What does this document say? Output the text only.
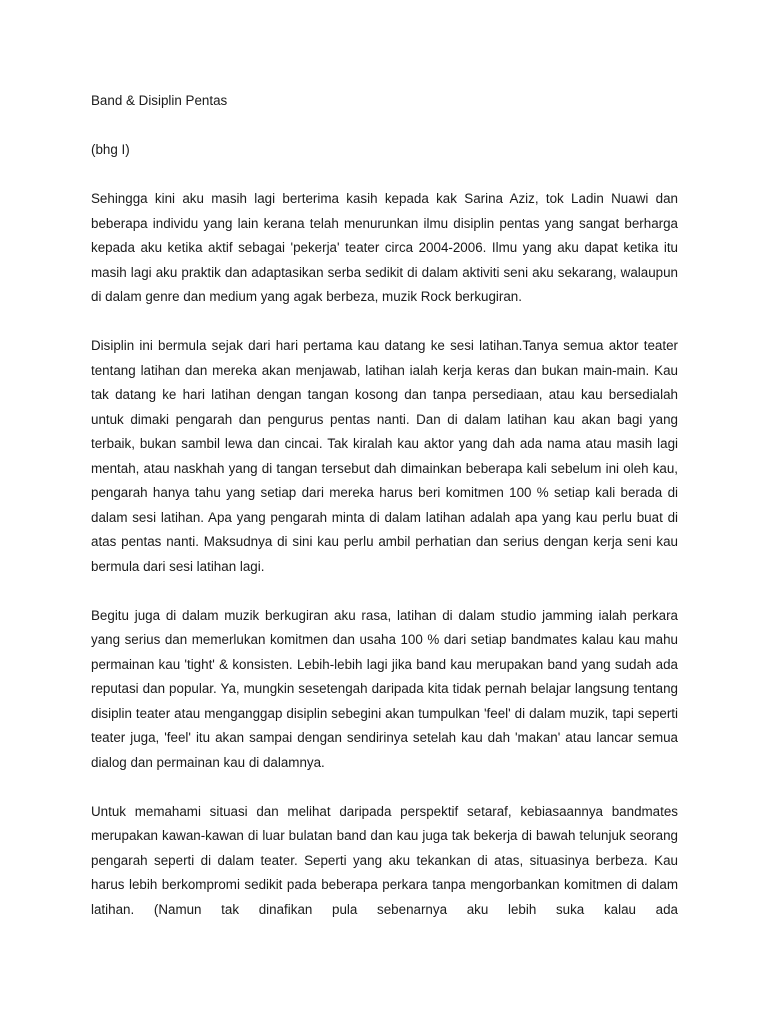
Band & Disiplin Pentas

(bhg I)

Sehingga kini aku masih lagi berterima kasih kepada kak Sarina Aziz, tok Ladin Nuawi dan beberapa individu yang lain kerana telah menurunkan ilmu disiplin pentas yang sangat berharga kepada aku ketika aktif sebagai 'pekerja' teater circa 2004-2006. Ilmu yang aku dapat ketika itu masih lagi aku praktik dan adaptasikan serba sedikit di dalam aktiviti seni aku sekarang, walaupun di dalam genre dan medium yang agak berbeza, muzik Rock berkugiran.

Disiplin ini bermula sejak dari hari pertama kau datang ke sesi latihan.Tanya semua aktor teater tentang latihan dan mereka akan menjawab, latihan ialah kerja keras dan bukan main-main. Kau tak datang ke hari latihan dengan tangan kosong dan tanpa persediaan, atau kau bersedialah untuk dimaki pengarah dan pengurus pentas nanti. Dan di dalam latihan kau akan bagi yang terbaik, bukan sambil lewa dan cincai. Tak kiralah kau aktor yang dah ada nama atau masih lagi mentah, atau naskhah yang di tangan tersebut dah dimainkan beberapa kali sebelum ini oleh kau, pengarah hanya tahu yang setiap dari mereka harus beri komitmen 100 % setiap kali berada di dalam sesi latihan. Apa yang pengarah minta di dalam latihan adalah apa yang kau perlu buat di atas pentas nanti. Maksudnya di sini kau perlu ambil perhatian dan serius dengan kerja seni kau bermula dari sesi latihan lagi.

Begitu juga di dalam muzik berkugiran aku rasa, latihan di dalam studio jamming ialah perkara yang serius dan memerlukan komitmen dan usaha 100 % dari setiap bandmates kalau kau mahu permainan kau 'tight' & konsisten. Lebih-lebih lagi jika band kau merupakan band yang sudah ada reputasi dan popular. Ya, mungkin sesetengah daripada kita tidak pernah belajar langsung tentang disiplin teater atau menganggap disiplin sebegini akan tumpulkan 'feel' di dalam muzik, tapi seperti teater juga, 'feel' itu akan sampai dengan sendirinya setelah kau dah 'makan' atau lancar semua dialog dan permainan kau di dalamnya.

Untuk memahami situasi dan melihat daripada perspektif setaraf, kebiasaannya bandmates merupakan kawan-kawan di luar bulatan band dan kau juga tak bekerja di bawah telunjuk seorang pengarah seperti di dalam teater. Seperti yang aku tekankan di atas, situasinya berbeza. Kau harus lebih berkompromi sedikit pada beberapa perkara tanpa mengorbankan komitmen di dalam latihan. (Namun tak dinafikan pula sebenarnya aku lebih suka kalau ada
